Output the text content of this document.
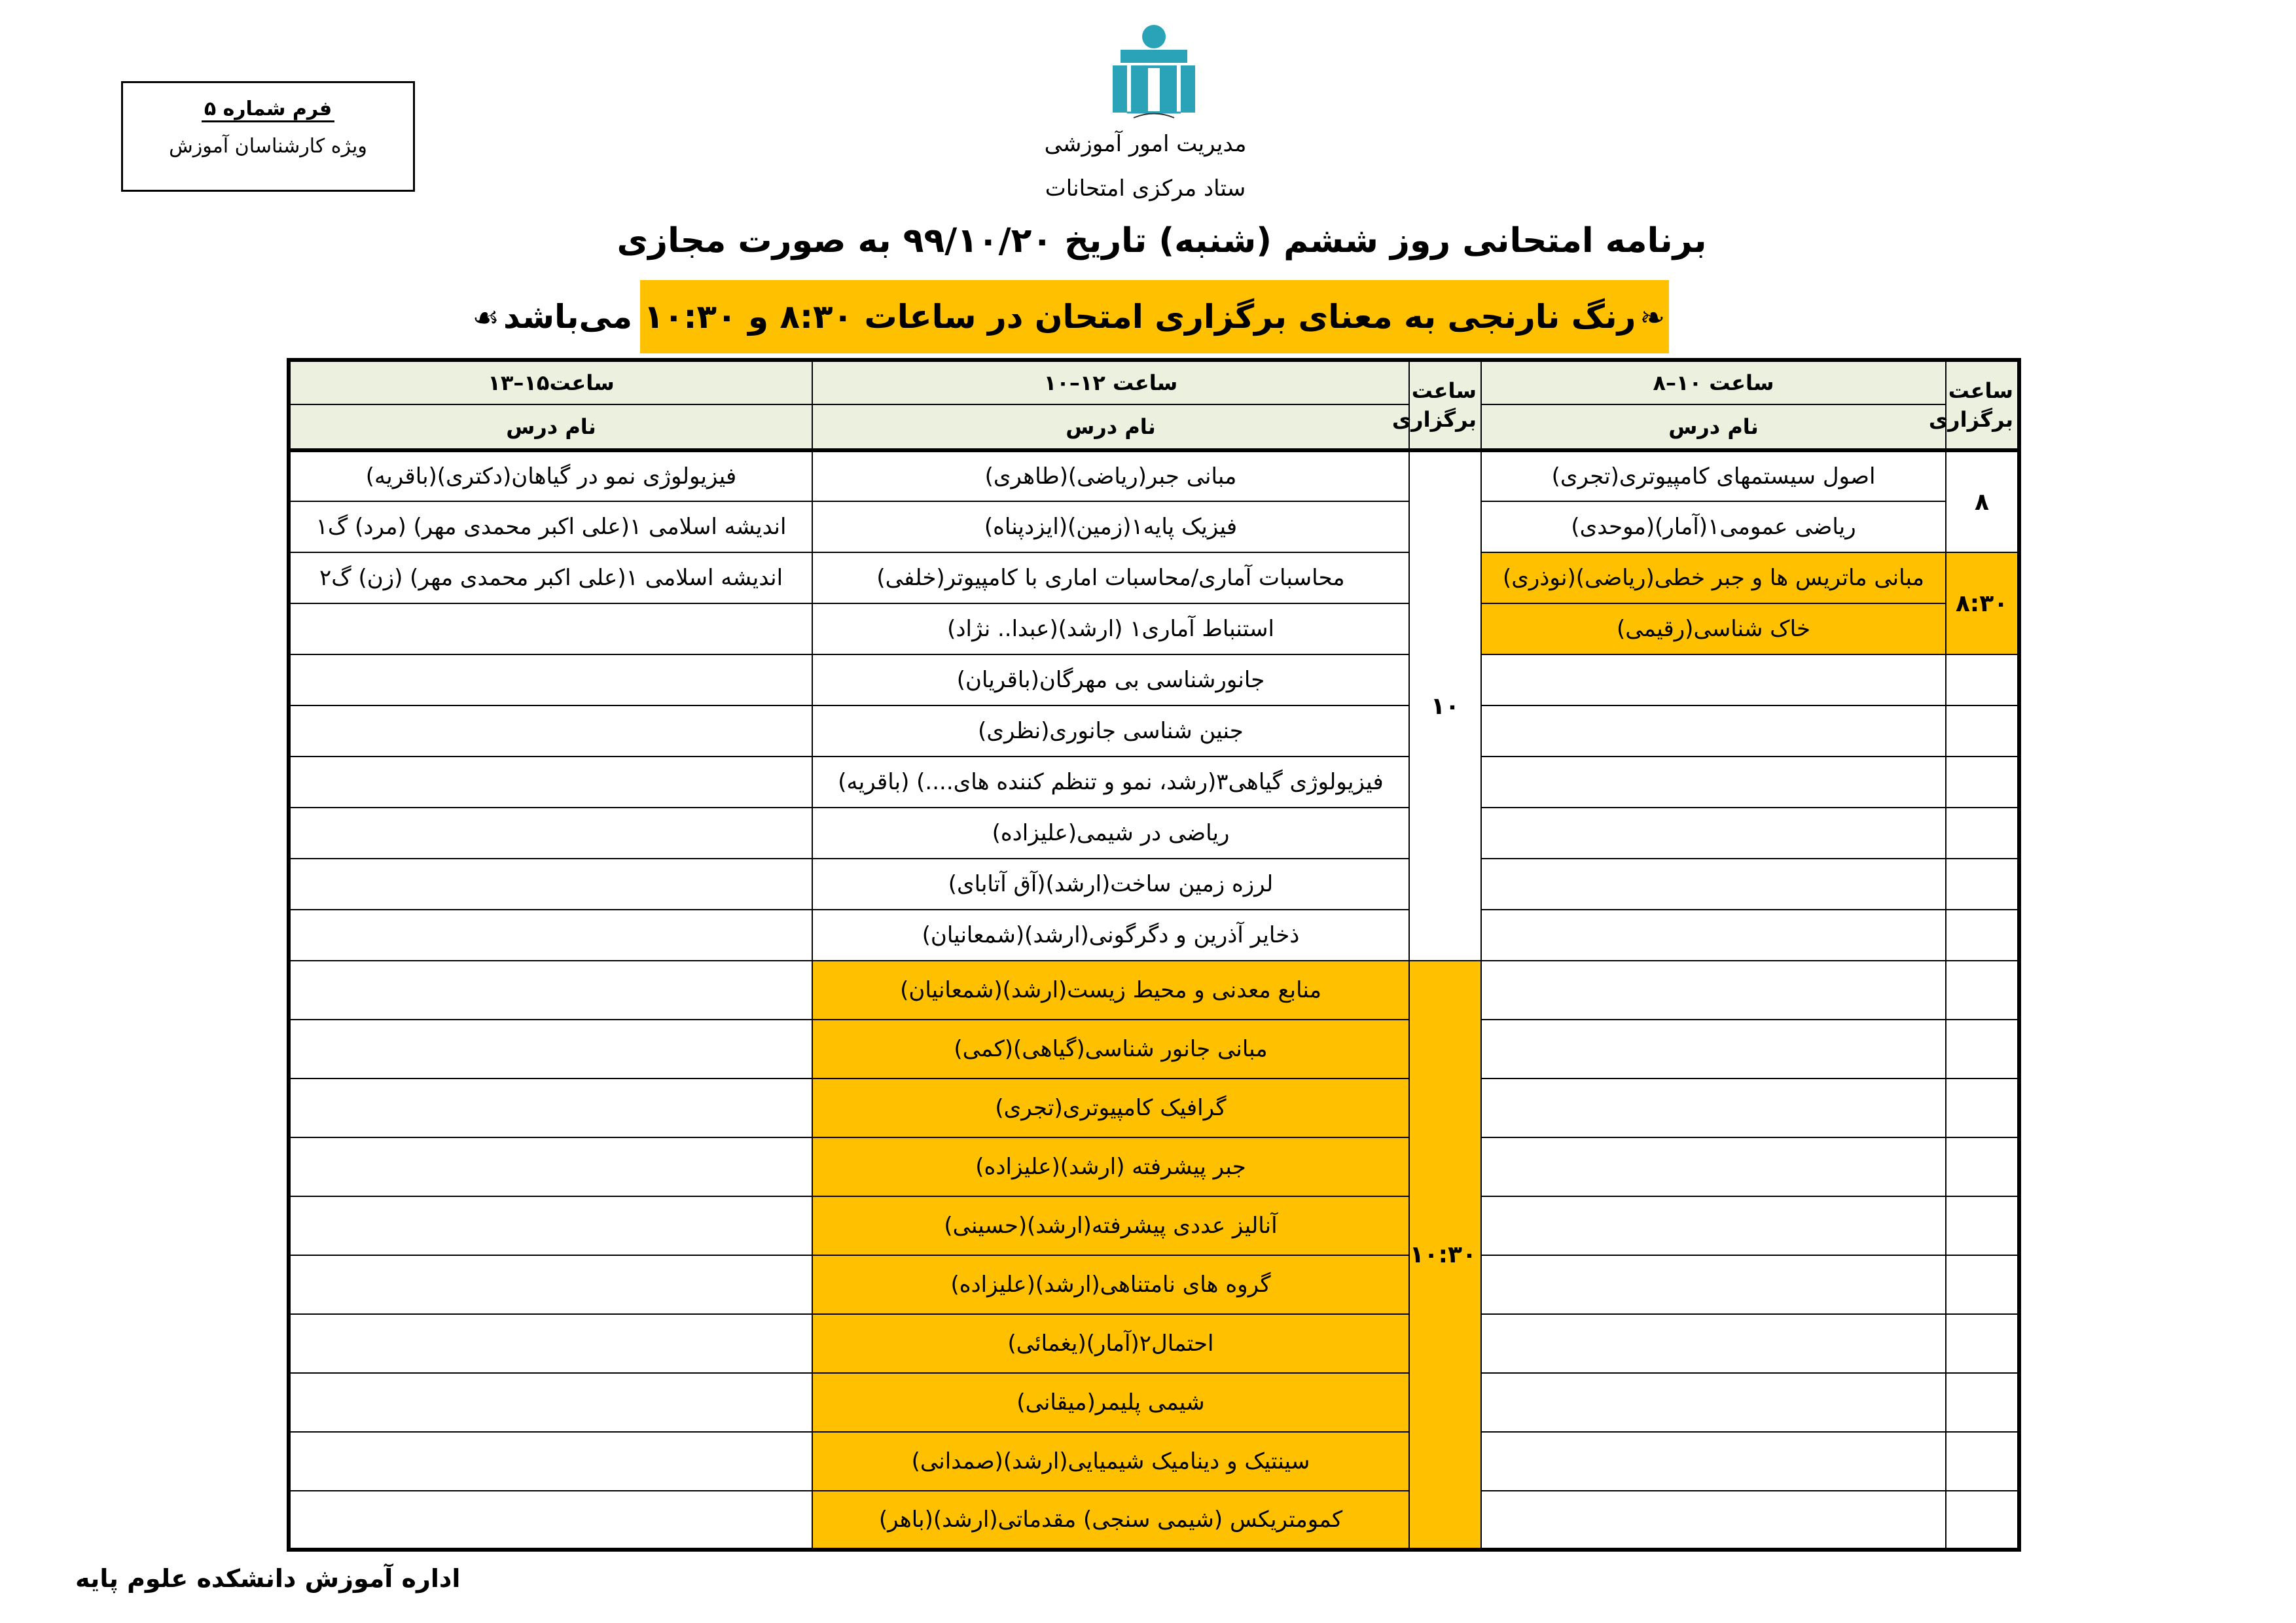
فرم شماره ۵
ویژه کارشناسان آموزش	مدیریت امور آموزشی
ستاد مرکزی امتحانات
برنامه امتحانی روز ششم (شنبه) تاریخ ۹۹/۱۰/۲۰ به صورت مجازی
❧رنگ نارنجی به معنای برگزاری امتحان در ساعات ۸:۳۰ و ۱۰:۳۰ می‌باشد☙
ساعت۱۵–۱۳	ساعت ۱۲–۱۰	ساعت برگزاری	ساعت ۱۰–۸	ساعت برگزاری
نام درس	نام درس		نام درس	
فیزیولوژی نمو در گیاهان(دکتری)(باقریه)	مبانی جبر(ریاضی)(طاهری)	۱۰	اصول سیستمهای کامپیوتری(تجری)	۸
اندیشه اسلامی ۱(علی اکبر محمدی مهر) (مرد) گ۱	فیزیک پایه۱(زمین)(ایزدپناه)		ریاضی عمومی۱(آمار)(موحدی)	
اندیشه اسلامی ۱(علی اکبر محمدی مهر) (زن) گ۲	محاسبات آماری/محاسبات اماری با کامپیوتر(خلفی)		مبانی ماتریس ها و جبر خطی(ریاضی)(نوذری)	۸:۳۰
	استنباط آماری۱ (ارشد)(عبدا.. نژاد)		خاک شناسی(رقیمی)	
	جانورشناسی بی مهرگان(باقریان)			
	جنین شناسی جانوری(نظری)			
	فیزیولوژی گیاهی۳(رشد، نمو و تنظم کننده های....) (باقریه)			
	ریاضی در شیمی(علیزاده)			
	لرزه زمین ساخت(ارشد)(آق آتابای)			
	ذخایر آذرین و دگرگونی(ارشد)(شمعانیان)			
	منابع معدنی و محیط زیست(ارشد)(شمعانیان)	۱۰:۳۰		
	مبانی جانور شناسی(گیاهی)(کمی)			
	گرافیک کامپیوتری(تجری)			
	جبر پیشرفته (ارشد)(علیزاده)			
	آنالیز عددی پیشرفته(ارشد)(حسینی)			
	گروه های نامتناهی(ارشد)(علیزاده)			
	احتمال۲(آمار)(یغمائی)			
	شیمی پلیمر(میقانی)			
	سینتیک و دینامیک شیمیایی(ارشد)(صمدانی)			
	کمومتریکس (شیمی سنجی) مقدماتی(ارشد)(باهر)			
اداره آموزش دانشکده علوم پایه
